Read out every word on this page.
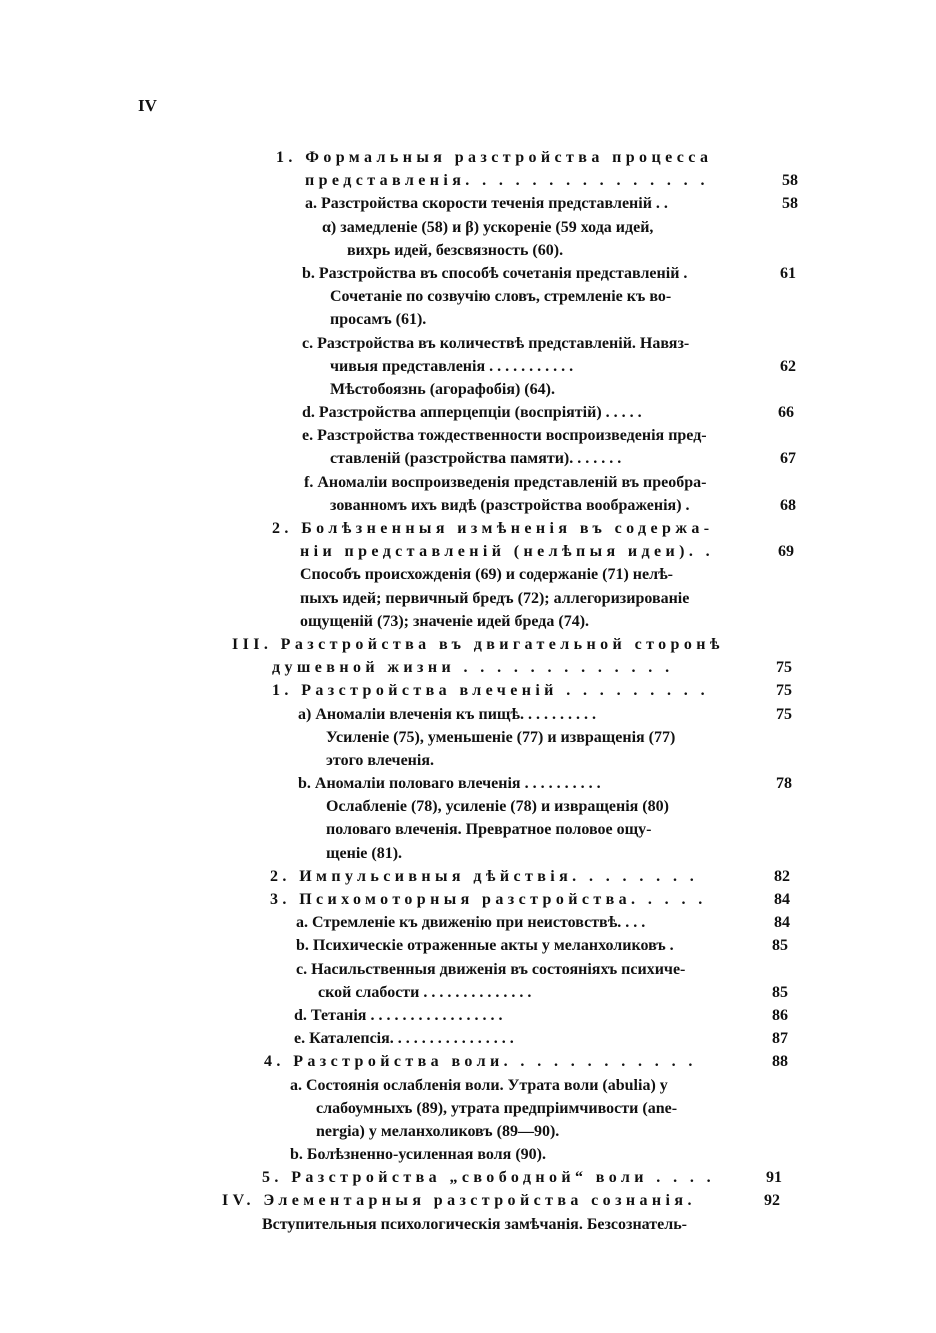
IV
1. Формальныя разстройства процесса
представленія. . . . . . . . . . . . . . .	58
a. Разстройства скорости теченія представленій . .	58
α) замедленіе (58) и β) ускореніе (59 хода идей,
вихрь идей, безсвязность (60).
b. Разстройства въ способѣ сочетанія представленій .	61
Сочетаніе по созвучію словъ, стремленіе къ во-
просамъ (61).
c. Разстройства въ количествѣ представленій. Навяз-
чивыя представленія . . . . . . . . . . .	62
Мѣстобоязнь (агорафобія) (64).
d. Разстройства апперцепціи (воспріятій) . . . . .	66
e. Разстройства тождественности воспроизведенія пред-
ставленій (разстройства памяти). . . . . . .	67
f. Аномаліи воспроизведенія представленій въ преобра-
зованномъ ихъ видѣ (разстройства воображенія) .	68
2. Болѣзненныя измѣненія въ содержа-
ніи представленій (нелѣпыя идеи). .	69
Способъ происхожденія (69) и содержаніе (71) нелѣ-
пыхъ идей; первичный бредъ (72); аллегоризированіе
ощущеній (73); значеніе идей бреда (74).
III. Разстройства въ двигательной сторонѣ
душевной жизни . . . . . . . . . . . . .	75
1. Разстройства влеченій . . . . . . . . .	75
a) Аномаліи влеченія къ пищѣ. . . . . . . . . .	75
Усиленіе (75), уменьшеніе (77) и извращенія (77)
этого влеченія.
b. Аномаліи половаго влеченія . . . . . . . . . .	78
Ослабленіе (78), усиленіе (78) и извращенія (80)
половаго влеченія. Превратное половое ощу-
щеніе (81).
2. Импульсивныя дѣйствія. . . . . . . .	82
3. Психомоторныя разстройства. . . . .	84
a. Стремленіе къ движенію при неистовствѣ. . . .	84
b. Психическіе отраженные акты у меланхоликовъ .	85
c. Насильственныя движенія въ состояніяхъ психиче-
ской слабости . . . . . . . . . . . . . .	85
d. Тетанія . . . . . . . . . . . . . . . . .	86
e. Каталепсія. . . . . . . . . . . . . . . .	87
4. Разстройства воли. . . . . . . . . . . .	88
a. Состоянія ослабленія воли. Утрата воли (abulia) у
слабоумныхъ (89), утрата предпріимчивости (ane-
nergia) у меланхоликовъ (89—90).
b. Болѣзненно-усиленная воля (90).
5. Разстройства „свободной“ воли . . . .	91
IV. Элементарныя разстройства сознанія.	92
Вступительныя психологическія замѣчанія. Безсознатель-
